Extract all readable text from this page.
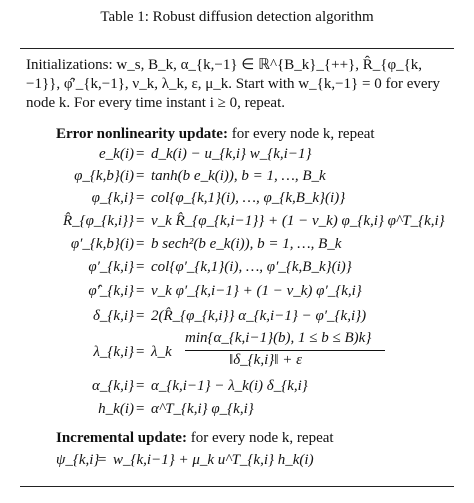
Table 1: Robust diffusion detection algorithm
Initializations: w_s, B_k, α_{k,−1} ∈ ℝ^{B_k}_{++}, R̂_{φ_{k,−1}}, φ̂′_{k,−1}, ν_k, λ_k, ε, μ_k. Start with w_{k,−1} = 0 for every node k. For every time instant i ≥ 0, repeat.
Error nonlinearity update: for every node k, repeat
e_k(i) = d_k(i) − u_{k,i} w_{k,i−1}
φ_{k,b}(i) = tanh(b e_k(i)), b = 1, …, B_k
φ_{k,i} = col{φ_{k,1}(i), …, φ_{k,B_k}(i)}
R̂_{φ_{k,i}} = ν_k R̂_{φ_{k,i−1}} + (1 − ν_k) φ_{k,i} φ^T_{k,i}
φ′_{k,b}(i) = b sech²(b e_k(i)), b = 1, …, B_k
φ′_{k,i} = col{φ′_{k,1}(i), …, φ′_{k,B_k}(i)}
φ̂′_{k,i} = ν_k φ′_{k,i−1} + (1 − ν_k) φ′_{k,i}
δ_{k,i} = 2(R̂_{φ_{k,i}} α_{k,i−1} − φ′_{k,i})
λ_{k,i} = λ_k
min{α_{k,i−1}(b), 1 ≤ b ≤ B)k}
‖δ_{k,i}‖ + ε
α_{k,i} = α_{k,i−1} − λ_k(i) δ_{k,i}
h_k(i) = α^T_{k,i} φ_{k,i}
Incremental update: for every node k, repeat
ψ_{k,i}
= w_{k,i−1} + μ_k u^T_{k,i} h_k(i)
